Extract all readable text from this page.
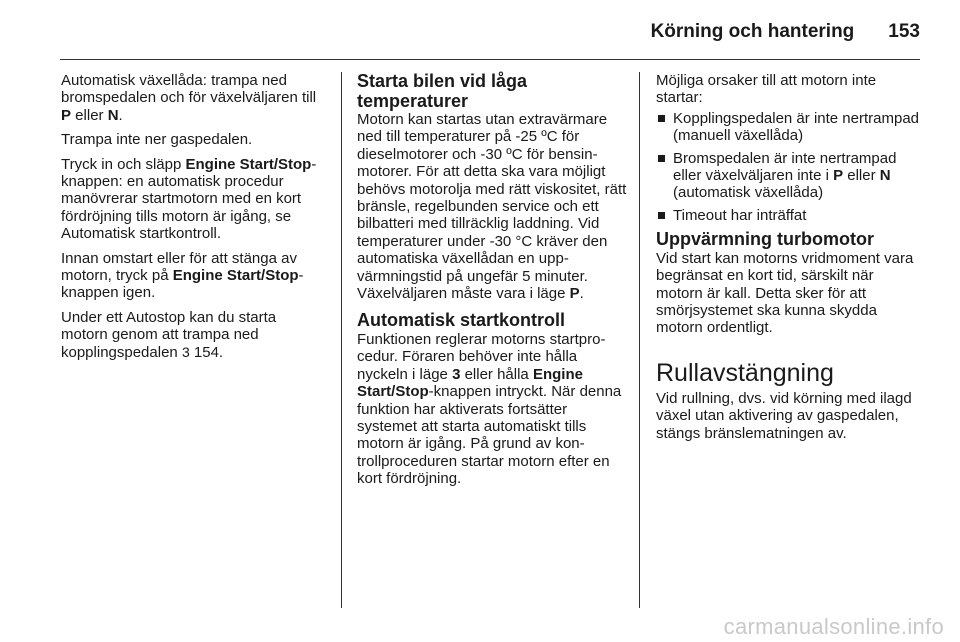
Körning och hantering 153

Automatisk växellåda: trampa ned bromspedalen och för växelväljaren till P eller N.

Trampa inte ner gaspedalen.

Tryck in och släpp Engine Start/Stop-knappen: en automatisk procedur manövrerar startmotorn med en kort fördröjning tills motorn är igång, se Automatisk startkontroll.

Innan omstart eller för att stänga av motorn, tryck på Engine Start/Stop-knappen igen.

Under ett Autostop kan du starta motorn genom att trampa ned kopplingspedalen 3 154.

Starta bilen vid låga temperaturer

Motorn kan startas utan extravärmare ned till temperaturer på -25 ºC för dieselmotorer och -30 ºC för bensinmotorer. För att detta ska vara möjligt behövs motorolja med rätt viskositet, rätt bränsle, regelbunden service och ett bilbatteri med tillräcklig laddning. Vid temperaturer under -30 °C kräver den automatiska växellådan en uppvärmningstid på ungefär 5 minuter. Växelväljaren måste vara i läge P.

Automatisk startkontroll

Funktionen reglerar motorns startprocedur. Föraren behöver inte hålla nyckeln i läge 3 eller hålla Engine Start/Stop-knappen intryckt. När denna funktion har aktiverats fortsätter systemet att starta automatiskt tills motorn är igång. På grund av kontrollproceduren startar motorn efter en kort fördröjning.

Möjliga orsaker till att motorn inte startar:

Kopplingspedalen är inte nertrampad (manuell växellåda)
Bromspedalen är inte nertrampad eller växelväljaren inte i P eller N (automatisk växellåda)
Timeout har inträffat
Uppvärmning turbomotor

Vid start kan motorns vridmoment vara begränsat en kort tid, särskilt när motorn är kall. Detta sker för att smörjsystemet ska kunna skydda motorn ordentligt.

Rullavstängning

Vid rullning, dvs. vid körning med ilagd växel utan aktivering av gaspedalen, stängs bränslematningen av.

carmanualsonline.info
